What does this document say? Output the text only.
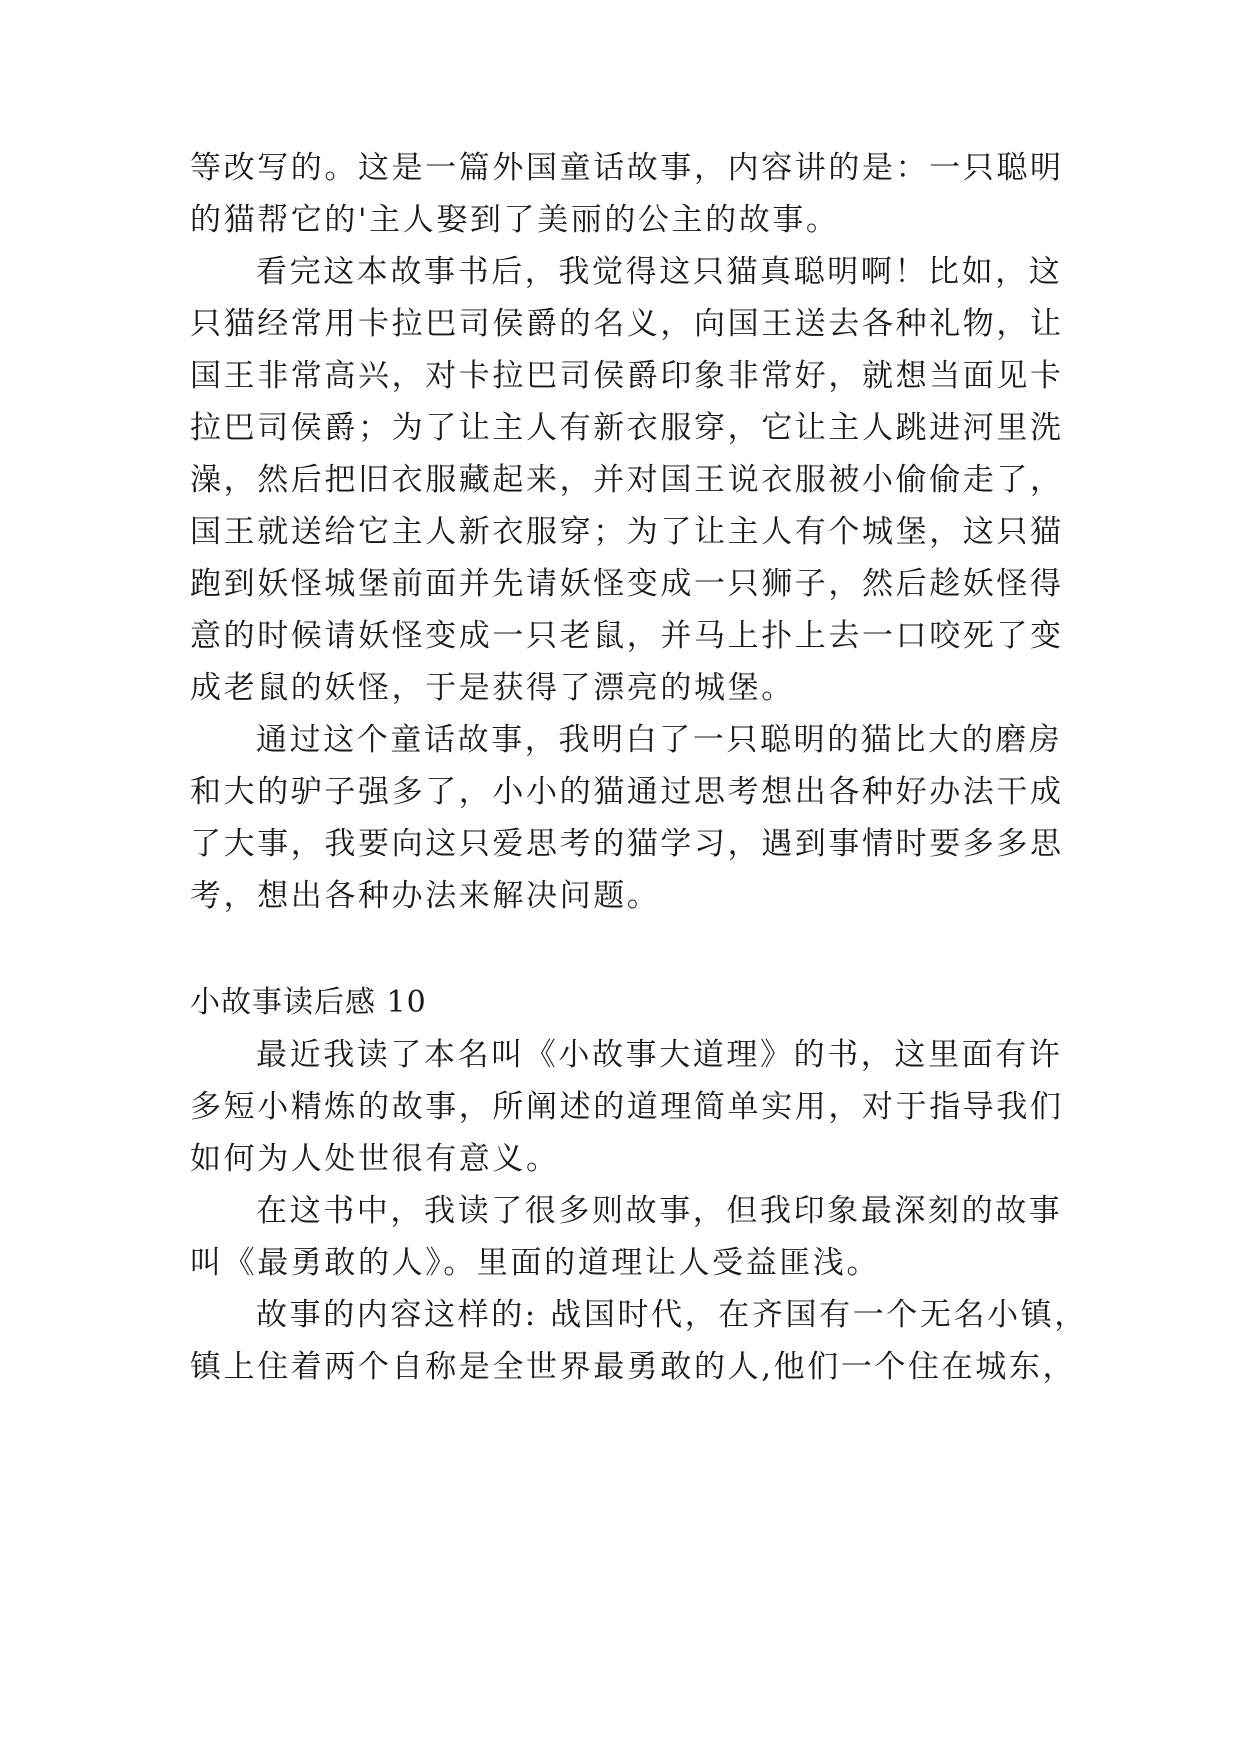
等改写的。这是一篇外国童话故事，内容讲的是：一只聪明
的猫帮它的'主人娶到了美丽的公主的故事。
看完这本故事书后，我觉得这只猫真聪明啊！比如，这
只猫经常用卡拉巴司侯爵的名义，向国王送去各种礼物，让
国王非常高兴，对卡拉巴司侯爵印象非常好，就想当面见卡
拉巴司侯爵；为了让主人有新衣服穿，它让主人跳进河里洗
澡，然后把旧衣服藏起来，并对国王说衣服被小偷偷走了，
国王就送给它主人新衣服穿；为了让主人有个城堡，这只猫
跑到妖怪城堡前面并先请妖怪变成一只狮子，然后趁妖怪得
意的时候请妖怪变成一只老鼠，并马上扑上去一口咬死了变
成老鼠的妖怪，于是获得了漂亮的城堡。
通过这个童话故事，我明白了一只聪明的猫比大的磨房
和大的驴子强多了，小小的猫通过思考想出各种好办法干成
了大事，我要向这只爱思考的猫学习，遇到事情时要多多思
考，想出各种办法来解决问题。
小故事读后感 10
最近我读了本名叫《小故事大道理》的书，这里面有许
多短小精炼的故事，所阐述的道理简单实用，对于指导我们
如何为人处世很有意义。
在这书中，我读了很多则故事，但我印象最深刻的故事
叫《最勇敢的人》。里面的道理让人受益匪浅。
故事的内容这样的: 战国时代，在齐国有一个无名小镇，
镇上住着两个自称是全世界最勇敢的人,他们一个住在城东，
